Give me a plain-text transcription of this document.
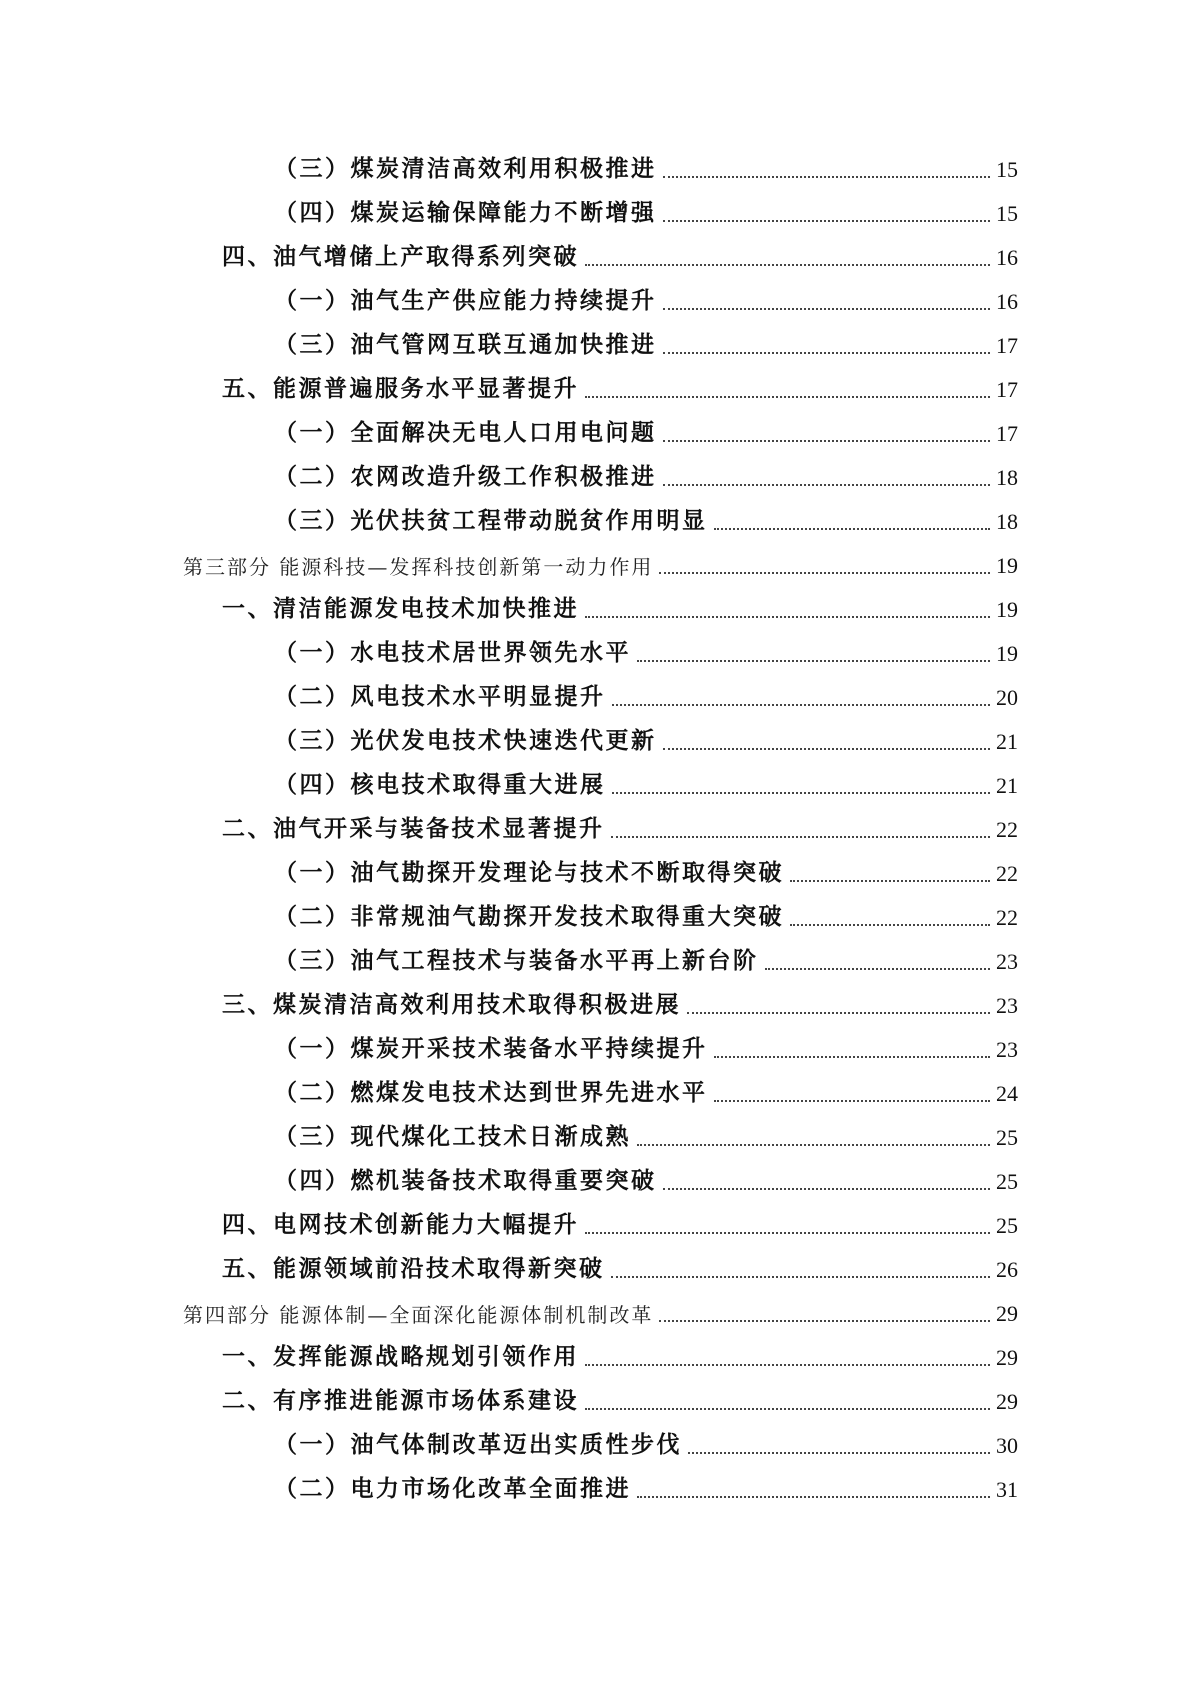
（三）煤炭清洁高效利用积极推进	15
（四）煤炭运输保障能力不断增强	15
四、油气增储上产取得系列突破	16
（一）油气生产供应能力持续提升	16
（三）油气管网互联互通加快推进	17
五、能源普遍服务水平显著提升	17
（一）全面解决无电人口用电问题	17
（二）农网改造升级工作积极推进	18
（三）光伏扶贫工程带动脱贫作用明显	18
第三部分 能源科技—发挥科技创新第一动力作用	19
一、清洁能源发电技术加快推进	19
（一）水电技术居世界领先水平	19
（二）风电技术水平明显提升	20
（三）光伏发电技术快速迭代更新	21
（四）核电技术取得重大进展	21
二、油气开采与装备技术显著提升	22
（一）油气勘探开发理论与技术不断取得突破	22
（二）非常规油气勘探开发技术取得重大突破	22
（三）油气工程技术与装备水平再上新台阶	23
三、煤炭清洁高效利用技术取得积极进展	23
（一）煤炭开采技术装备水平持续提升	23
（二）燃煤发电技术达到世界先进水平	24
（三）现代煤化工技术日渐成熟	25
（四）燃机装备技术取得重要突破	25
四、电网技术创新能力大幅提升	25
五、能源领域前沿技术取得新突破	26
第四部分 能源体制—全面深化能源体制机制改革	29
一、发挥能源战略规划引领作用	29
二、有序推进能源市场体系建设	29
（一）油气体制改革迈出实质性步伐	30
（二）电力市场化改革全面推进	31
